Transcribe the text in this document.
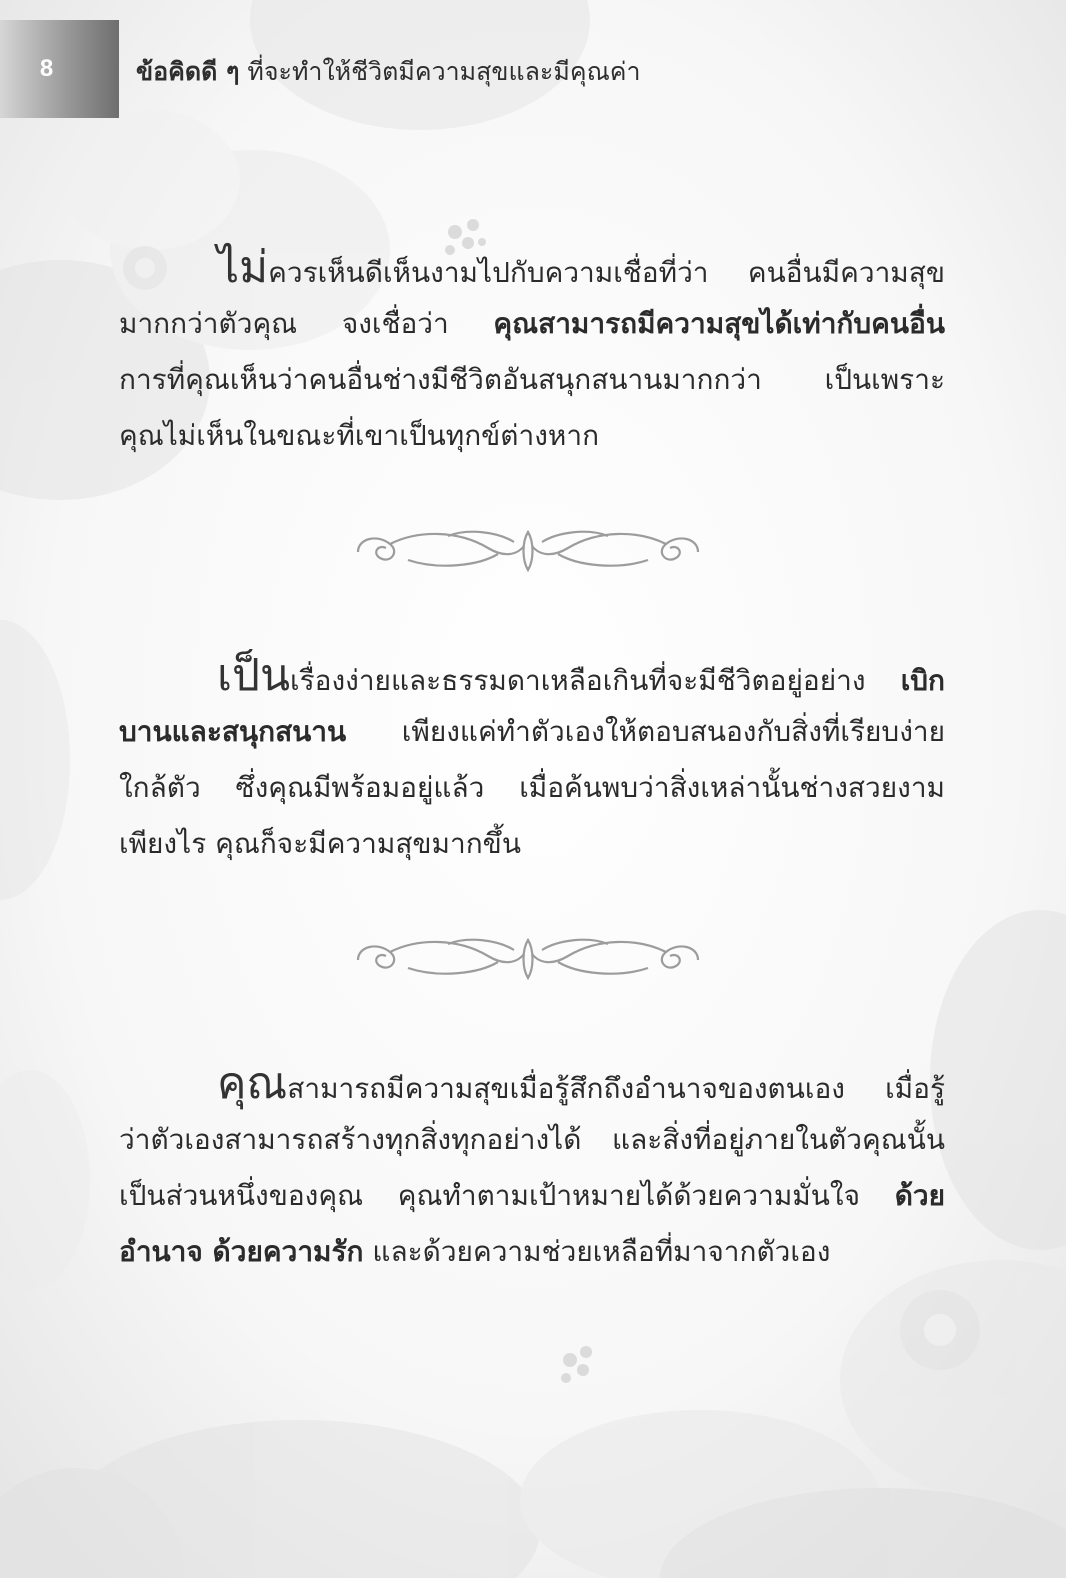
8	ข้อคิดดี ๆ ที่จะทำให้ชีวิตมีความสุขและมีคุณค่า
ไม่ควรเห็นดีเห็นงามไปกับความเชื่อที่ว่า คนอื่นมีความสุข
มากกว่าตัวคุณ จงเชื่อว่า คุณสามารถมีความสุขได้เท่ากับคนอื่น
การที่คุณเห็นว่าคนอื่นช่างมีชีวิตอันสนุกสนานมากกว่า เป็นเพราะ
คุณไม่เห็นในขณะที่เขาเป็นทุกข์ต่างหาก
เป็นเรื่องง่ายและธรรมดาเหลือเกินที่จะมีชีวิตอยู่อย่าง เบิก
บานและสนุกสนาน เพียงแค่ทำตัวเองให้ตอบสนองกับสิ่งที่เรียบง่าย
ใกล้ตัว ซึ่งคุณมีพร้อมอยู่แล้ว เมื่อค้นพบว่าสิ่งเหล่านั้นช่างสวยงาม
เพียงไร คุณก็จะมีความสุขมากขึ้น
คุณสามารถมีความสุขเมื่อรู้สึกถึงอำนาจของตนเอง เมื่อรู้
ว่าตัวเองสามารถสร้างทุกสิ่งทุกอย่างได้ และสิ่งที่อยู่ภายในตัวคุณนั้น
เป็นส่วนหนึ่งของคุณ คุณทำตามเป้าหมายได้ด้วยความมั่นใจ ด้วย
อำนาจ ด้วยความรัก และด้วยความช่วยเหลือที่มาจากตัวเอง
